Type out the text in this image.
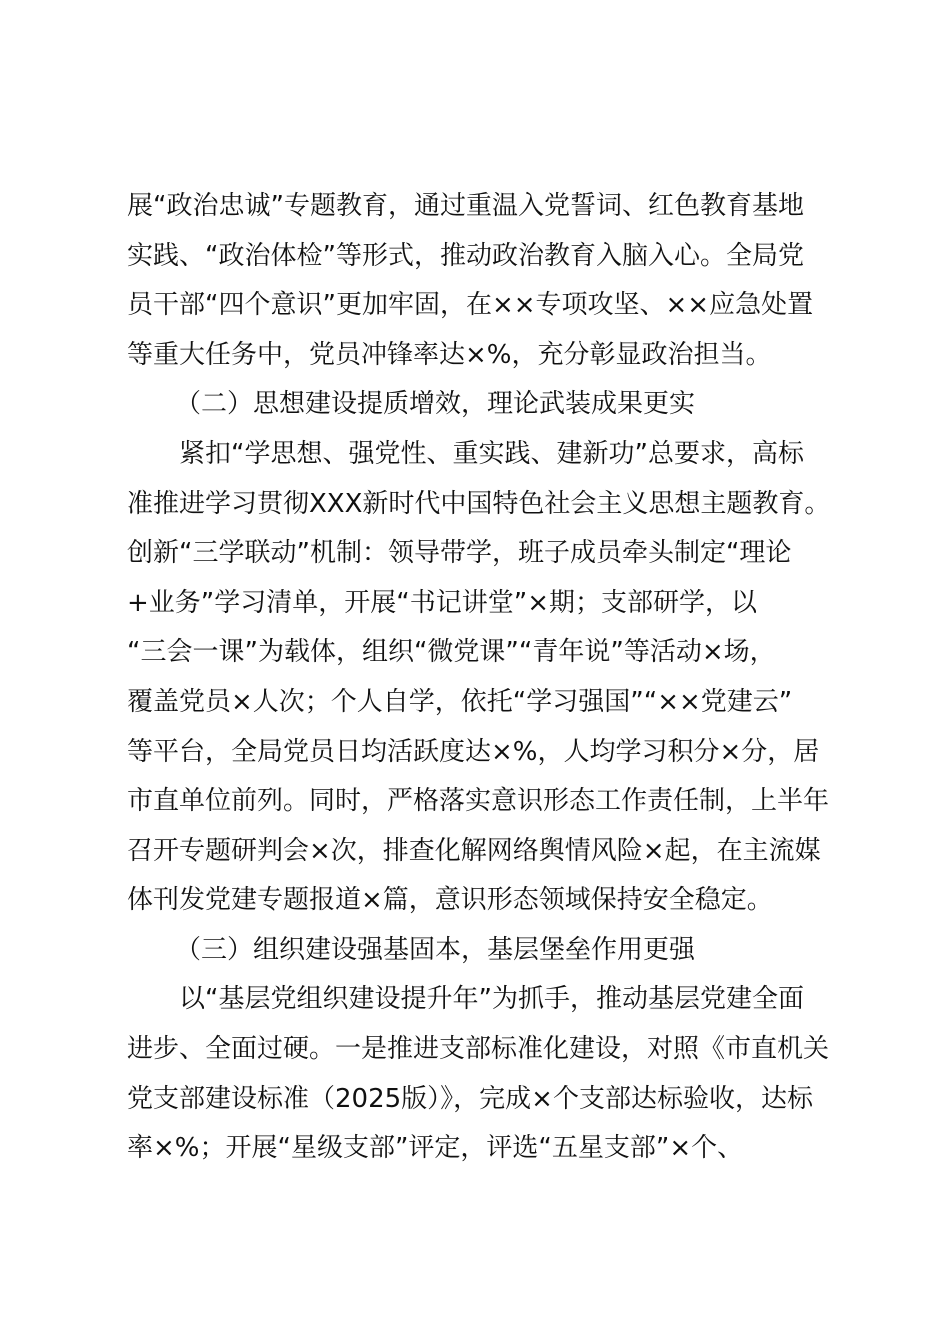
展“政治忠诚”专题教育，通过重温入党誓词、红色教育基地
实践、“政治体检”等形式，推动政治教育入脑入心。全局党
员干部“四个意识”更加牢固，在××专项攻坚、××应急处置
等重大任务中，党员冲锋率达×%，充分彰显政治担当。
（二）思想建设提质增效，理论武装成果更实
紧扣“学思想、强党性、重实践、建新功”总要求，高标
准推进学习贯彻XXX新时代中国特色社会主义思想主题教育。
创新“三学联动”机制：领导带学，班子成员牵头制定“理论
+业务”学习清单，开展“书记讲堂”×期；支部研学，以
“三会一课”为载体，组织“微党课”“青年说”等活动×场，
覆盖党员×人次；个人自学，依托“学习强国”“××党建云”
等平台，全局党员日均活跃度达×%，人均学习积分×分，居
市直单位前列。同时，严格落实意识形态工作责任制，上半年
召开专题研判会×次，排查化解网络舆情风险×起，在主流媒
体刊发党建专题报道×篇，意识形态领域保持安全稳定。
（三）组织建设强基固本，基层堡垒作用更强
以“基层党组织建设提升年”为抓手，推动基层党建全面
进步、全面过硬。一是推进支部标准化建设，对照《市直机关
党支部建设标准（2025版）》，完成×个支部达标验收，达标
率×%；开展“星级支部”评定，评选“五星支部”×个、
